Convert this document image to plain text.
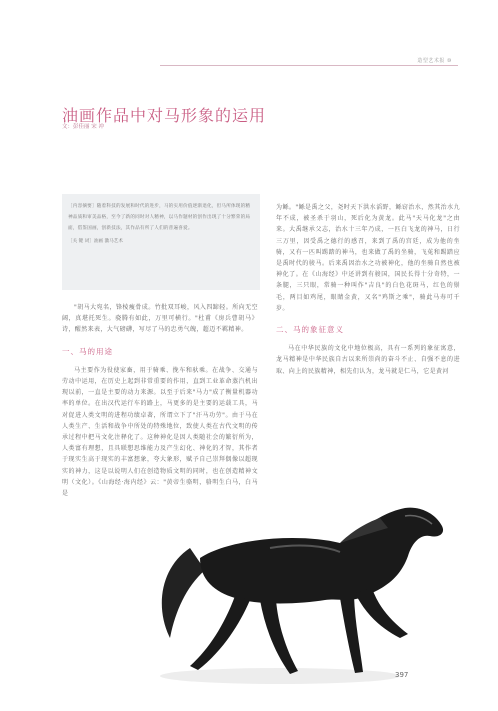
造型艺术报 ⑩
油画作品中对马形象的运用
文：彭佳丽 宋 冲
［内容摘要］随着科技的发展和时代的进步，马的实用价值逐渐退化，但马所体现的精神品质和审美品格，至今了新的同时对人精神，以马作题材的创作出现了十分繁荣的局面，借鉴国画，创新技法，其作品有所了人们的普遍喜爱。
［关 键 词］油画 激马艺术

"胡马大宛名，锋棱瘦骨成。竹批双耳峻，风入四蹄轻。所向无空阔，真堪托死生。骁腾有如此，万里可横行。"杜甫《房兵曹胡马》诗，醒然来表，大气磅礴，写尽了马的忠勇气魄，超迈不羁精神。

一、马的用途

马主要作为役使家畜，用于骑乘、挽车和驮乘。在战争、交通与劳动中运用，在历史上起到非常重要的作用，直到工业革命蒸汽机出现以前，一直是主要的动力来源。以至于后来"马力"成了衡量机器功率的单位。在出汉代运行车的路上，马更多的是主要的运载工具，马对促进人类文明的进程功绩卓著，所谓立下了"汗马功劳"。由于马在人类生产、生活和战争中所处的特殊地位，致使人类在古代文明的传承过程中把马文化注释化了。这种神化是因人类随社会的繁衍所为，人类富有理想，且具联想思维能力及产生幻化、神化的才智，其作者于现实生高于现实的丰富想象，夸大象形，赋予自己崇拜偶像以超现实的神力，这是以说明人们在创造物质文明的同时，也在创造精神文明（文化）。《山海经·海内经》云："黄帝生骆明，骆明生白马，白马是

为鲧。"鲧是禹之父，尧时天下洪水滔野，鲧窃治水，然其治水九年不成，被圣杀于羽山，死后化为黄龙。此马"天马化龙"之由来。大禹继承父志，治水十三年乃成，一匹白飞龙的神马，日行三万里，因受禹之德行的感召，来到了禹的宫廷，成为他的坐骑，又有一匹叫踢踏的神马，也来做了禹的坐骑，飞菟和踢踏应是禹时代的骏马。后来禹因治水之功被神化，他的坐骑自然也被神化了。在《山海经》中还讲到有骏国，国民长得十分奇特，一条腿，三只眼，常骑一种叫作"吉良"的白色花斑马，红色的鬃毛，两目如鸡尾，眼睛金黄，又名"鸡斯之乘"，骑此马寿可千岁。

二、马的象征意义

马在中华民族的文化中地位极高，具有一系列的象征寓意，龙马精神是中华民族自古以来所崇尚的奋斗不止、自强不息的进取、向上的民族精神，相先们认为，龙马就是仁马，它是黄河

397
